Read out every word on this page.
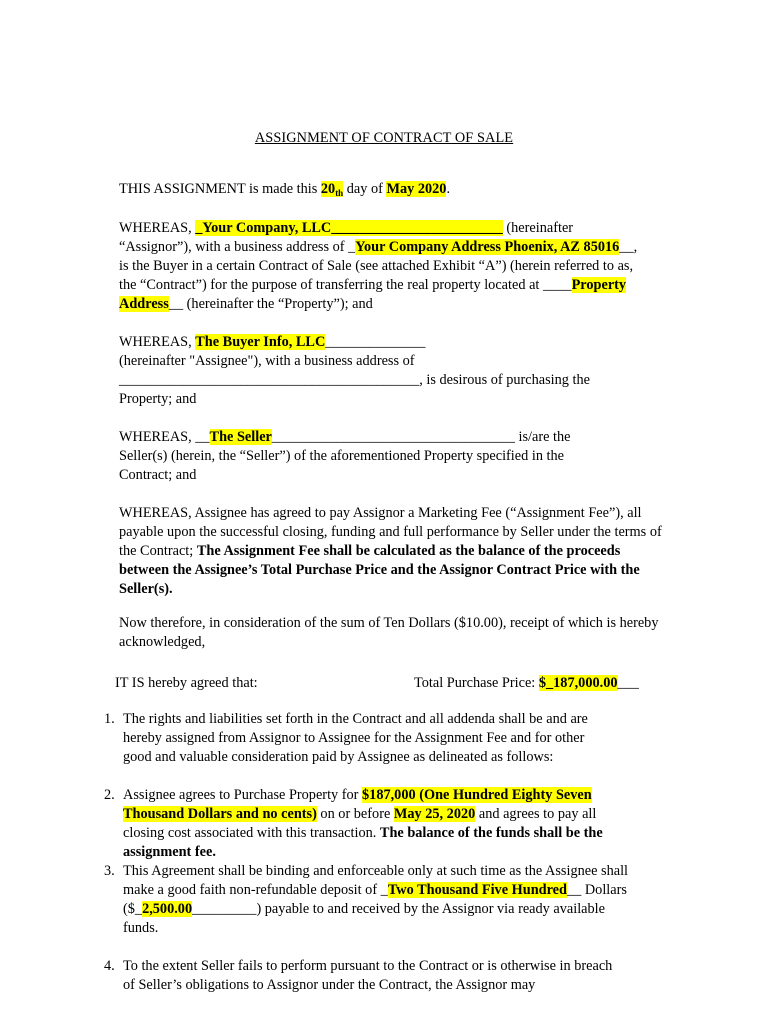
ASSIGNMENT OF CONTRACT OF SALE
THIS ASSIGNMENT is made this $20_{th}$ day of May 2020.
WHEREAS, _Your Company, LLC________________________ (hereinafter “Assignor”), with a business address of _Your Company Address Phoenix, AZ 85016__, is the Buyer in a certain Contract of Sale (see attached Exhibit “A”) (herein referred to as, the “Contract”) for the purpose of transferring the real property located at ____Property Address__ (hereinafter the “Property”); and
WHEREAS, The Buyer Info, LLC______________
(hereinafter "Assignee"), with a business address of
__________________________________________, is desirous of purchasing the
Property; and
WHEREAS, __The Seller__________________________________ is/are the Seller(s) (herein, the “Seller”) of the aforementioned Property specified in the Contract; and
WHEREAS, Assignee has agreed to pay Assignor a Marketing Fee (“Assignment Fee”), all payable upon the successful closing, funding and full performance by Seller under the terms of the Contract; The Assignment Fee shall be calculated as the balance of the proceeds between the Assignee’s Total Purchase Price and the Assignor Contract Price with the Seller(s).
Now therefore, in consideration of the sum of Ten Dollars ($10.00), receipt of which is hereby acknowledged,
IT IS hereby agreed that:	Total Purchase Price: $_187,000.00___
1. The rights and liabilities set forth in the Contract and all addenda shall be and are hereby assigned from Assignor to Assignee for the Assignment Fee and for other good and valuable consideration paid by Assignee as delineated as follows:
2. Assignee agrees to Purchase Property for $187,000 (One Hundred Eighty Seven Thousand Dollars and no cents) on or before May 25, 2020 and agrees to pay all closing cost associated with this transaction. The balance of the funds shall be the assignment fee.
3. This Agreement shall be binding and enforceable only at such time as the Assignee shall make a good faith non-refundable deposit of _Two Thousand Five Hundred__ Dollars ($_2,500.00_________) payable to and received by the Assignor via ready available funds.
4. To the extent Seller fails to perform pursuant to the Contract or is otherwise in breach of Seller’s obligations to Assignor under the Contract, the Assignor may
